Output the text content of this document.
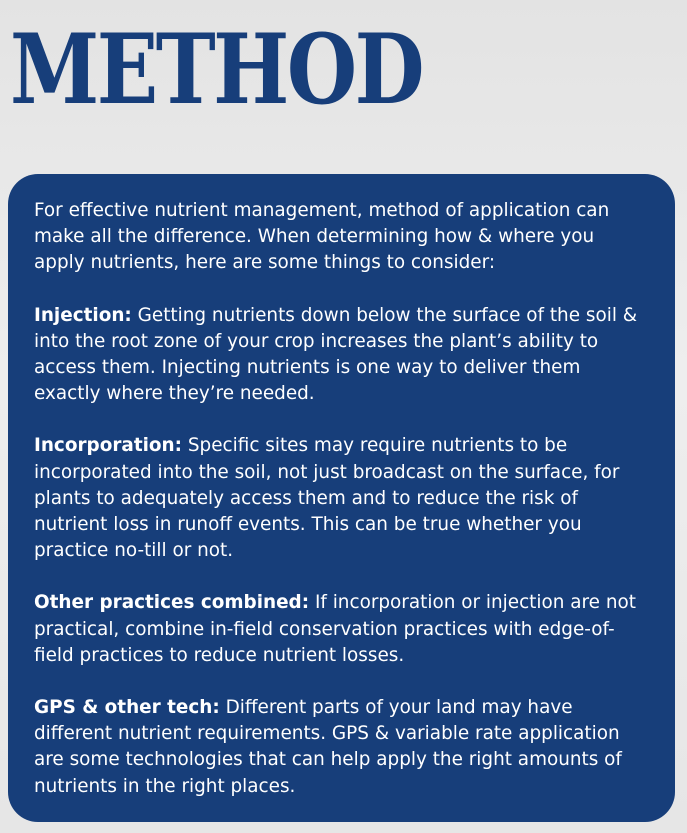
METHOD

For effective nutrient management, method of application can make all the difference. When determining how & where you apply nutrients, here are some things to consider:

Injection: Getting nutrients down below the surface of the soil & into the root zone of your crop increases the plant’s ability to access them. Injecting nutrients is one way to deliver them exactly where they’re needed.

Incorporation: Specific sites may require nutrients to be incorporated into the soil, not just broadcast on the surface, for plants to adequately access them and to reduce the risk of nutrient loss in runoff events. This can be true whether you practice no-till or not.

Other practices combined: If incorporation or injection are not practical, combine in-field conservation practices with edge-of-field practices to reduce nutrient losses.

GPS & other tech: Different parts of your land may have different nutrient requirements. GPS & variable rate application are some technologies that can help apply the right amounts of nutrients in the right places.
